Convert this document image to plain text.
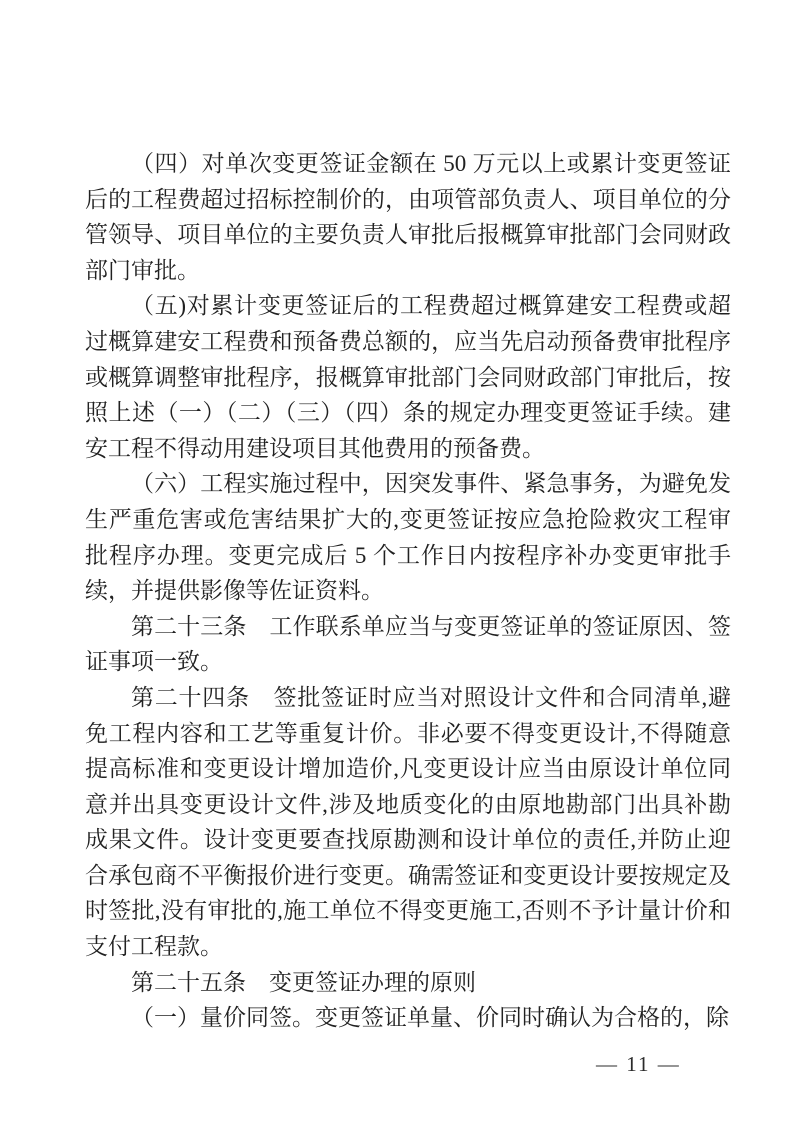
（四）对单次变更签证金额在 50 万元以上或累计变更签证后的工程费超过招标控制价的，由项管部负责人、项目单位的分管领导、项目单位的主要负责人审批后报概算审批部门会同财政部门审批。

（五)对累计变更签证后的工程费超过概算建安工程费或超过概算建安工程费和预备费总额的，应当先启动预备费审批程序或概算调整审批程序，报概算审批部门会同财政部门审批后，按照上述（一）（二）（三）（四）条的规定办理变更签证手续。建安工程不得动用建设项目其他费用的预备费。

（六）工程实施过程中，因突发事件、紧急事务，为避免发生严重危害或危害结果扩大的,变更签证按应急抢险救灾工程审批程序办理。变更完成后 5 个工作日内按程序补办变更审批手续，并提供影像等佐证资料。

第二十三条　工作联系单应当与变更签证单的签证原因、签证事项一致。

第二十四条　签批签证时应当对照设计文件和合同清单,避免工程内容和工艺等重复计价。非必要不得变更设计,不得随意提高标准和变更设计增加造价,凡变更设计应当由原设计单位同意并出具变更设计文件,涉及地质变化的由原地勘部门出具补勘成果文件。设计变更要查找原勘测和设计单位的责任,并防止迎合承包商不平衡报价进行变更。确需签证和变更设计要按规定及时签批,没有审批的,施工单位不得变更施工,否则不予计量计价和支付工程款。

第二十五条　变更签证办理的原则

（一）量价同签。变更签证单量、价同时确认为合格的，除

— 11 —
